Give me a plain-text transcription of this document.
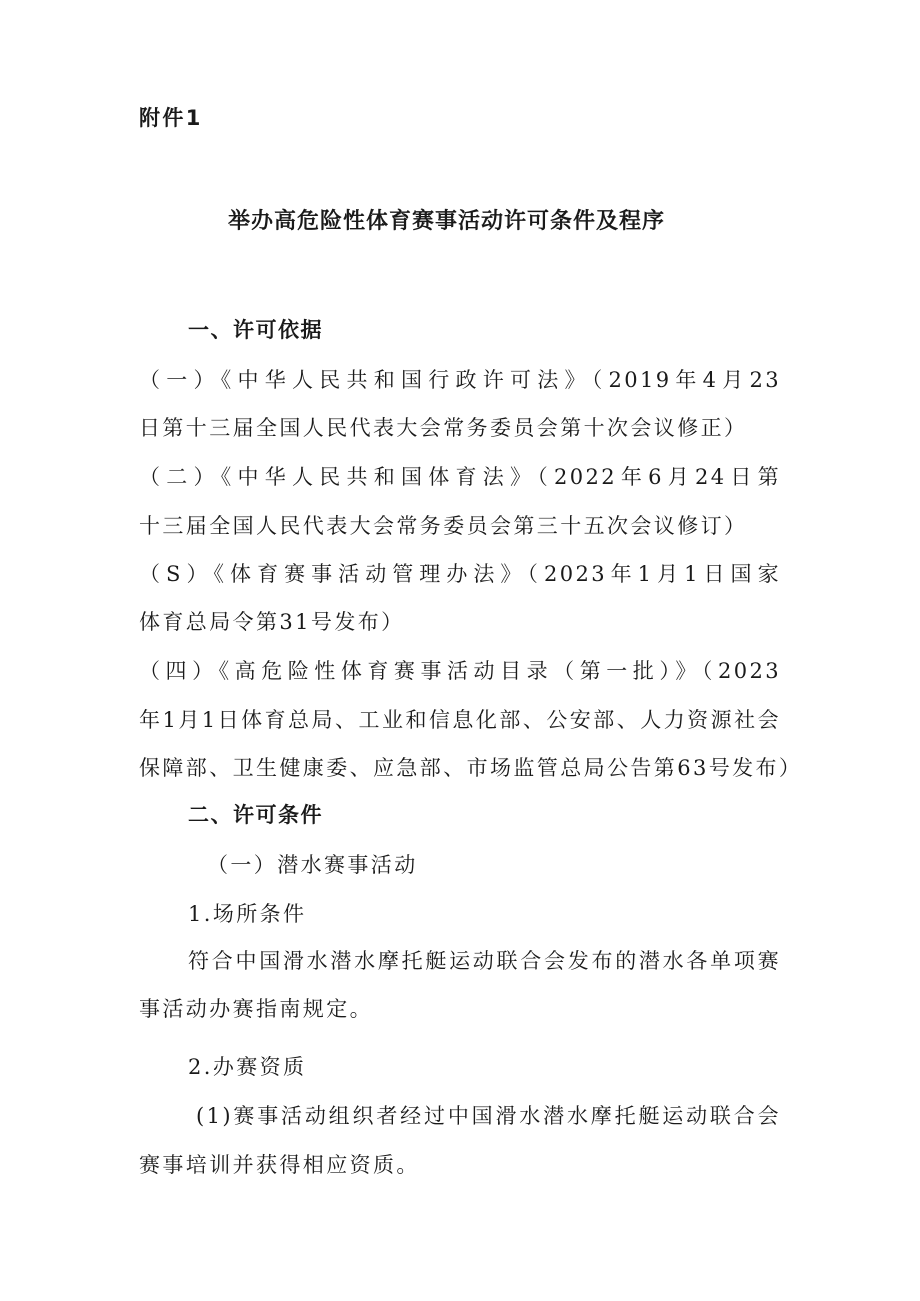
附件1

举办高危险性体育赛事活动许可条件及程序

一、许可依据

（一）《中华人民共和国行政许可法》（2019年4月23

日第十三届全国人民代表大会常务委员会第十次会议修正）

（二）《中华人民共和国体育法》（2022年6月24日第

十三届全国人民代表大会常务委员会第三十五次会议修订）

（S）《体育赛事活动管理办法》（2023年1月1日国家

体育总局令第31号发布）

（四）《高危险性体育赛事活动目录（第一批）》（2023

年1月1日体育总局、工业和信息化部、公安部、人力资源社会

保障部、卫生健康委、应急部、市场监管总局公告第63号发布）

二、许可条件

（一）潜水赛事活动

1.场所条件

符合中国滑水潜水摩托艇运动联合会发布的潜水各单项赛

事活动办赛指南规定。

2.办赛资质

(1)赛事活动组织者经过中国滑水潜水摩托艇运动联合会

赛事培训并获得相应资质。
